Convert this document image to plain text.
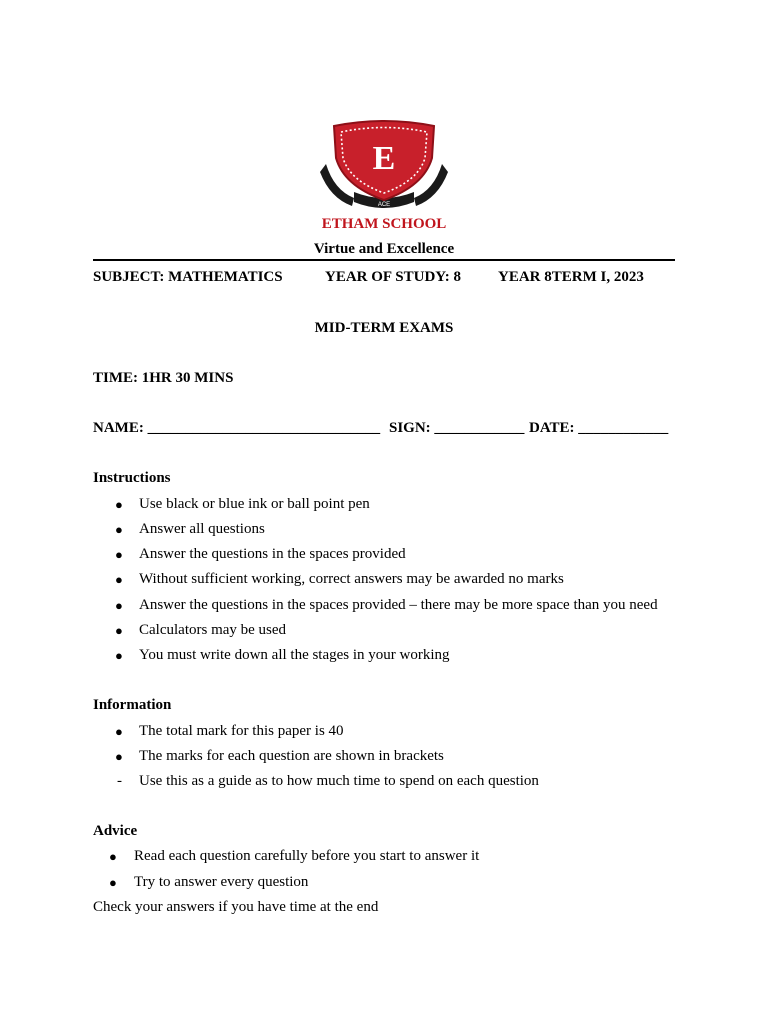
E
ACE
ETHAM SCHOOL
Virtue and Excellence
SUBJECT: MATHEMATICS	YEAR OF STUDY: 8 YEAR 8TERM I, 2023
MID-TERM EXAMS
TIME: 1HR 30 MINS
NAME: _______________________________ SIGN: ____________ DATE: ____________
Instructions
● Use black or blue ink or ball point pen
● Answer all questions
● Answer the questions in the spaces provided
● Without sufficient working, correct answers may be awarded no marks
● Answer the questions in the spaces provided – there may be more space than you need
● Calculators may be used
● You must write down all the stages in your working
Information
● The total mark for this paper is 40
● The marks for each question are shown in brackets
- Use this as a guide as to how much time to spend on each question
Advice
● Read each question carefully before you start to answer it
● Try to answer every question
Check your answers if you have time at the end
